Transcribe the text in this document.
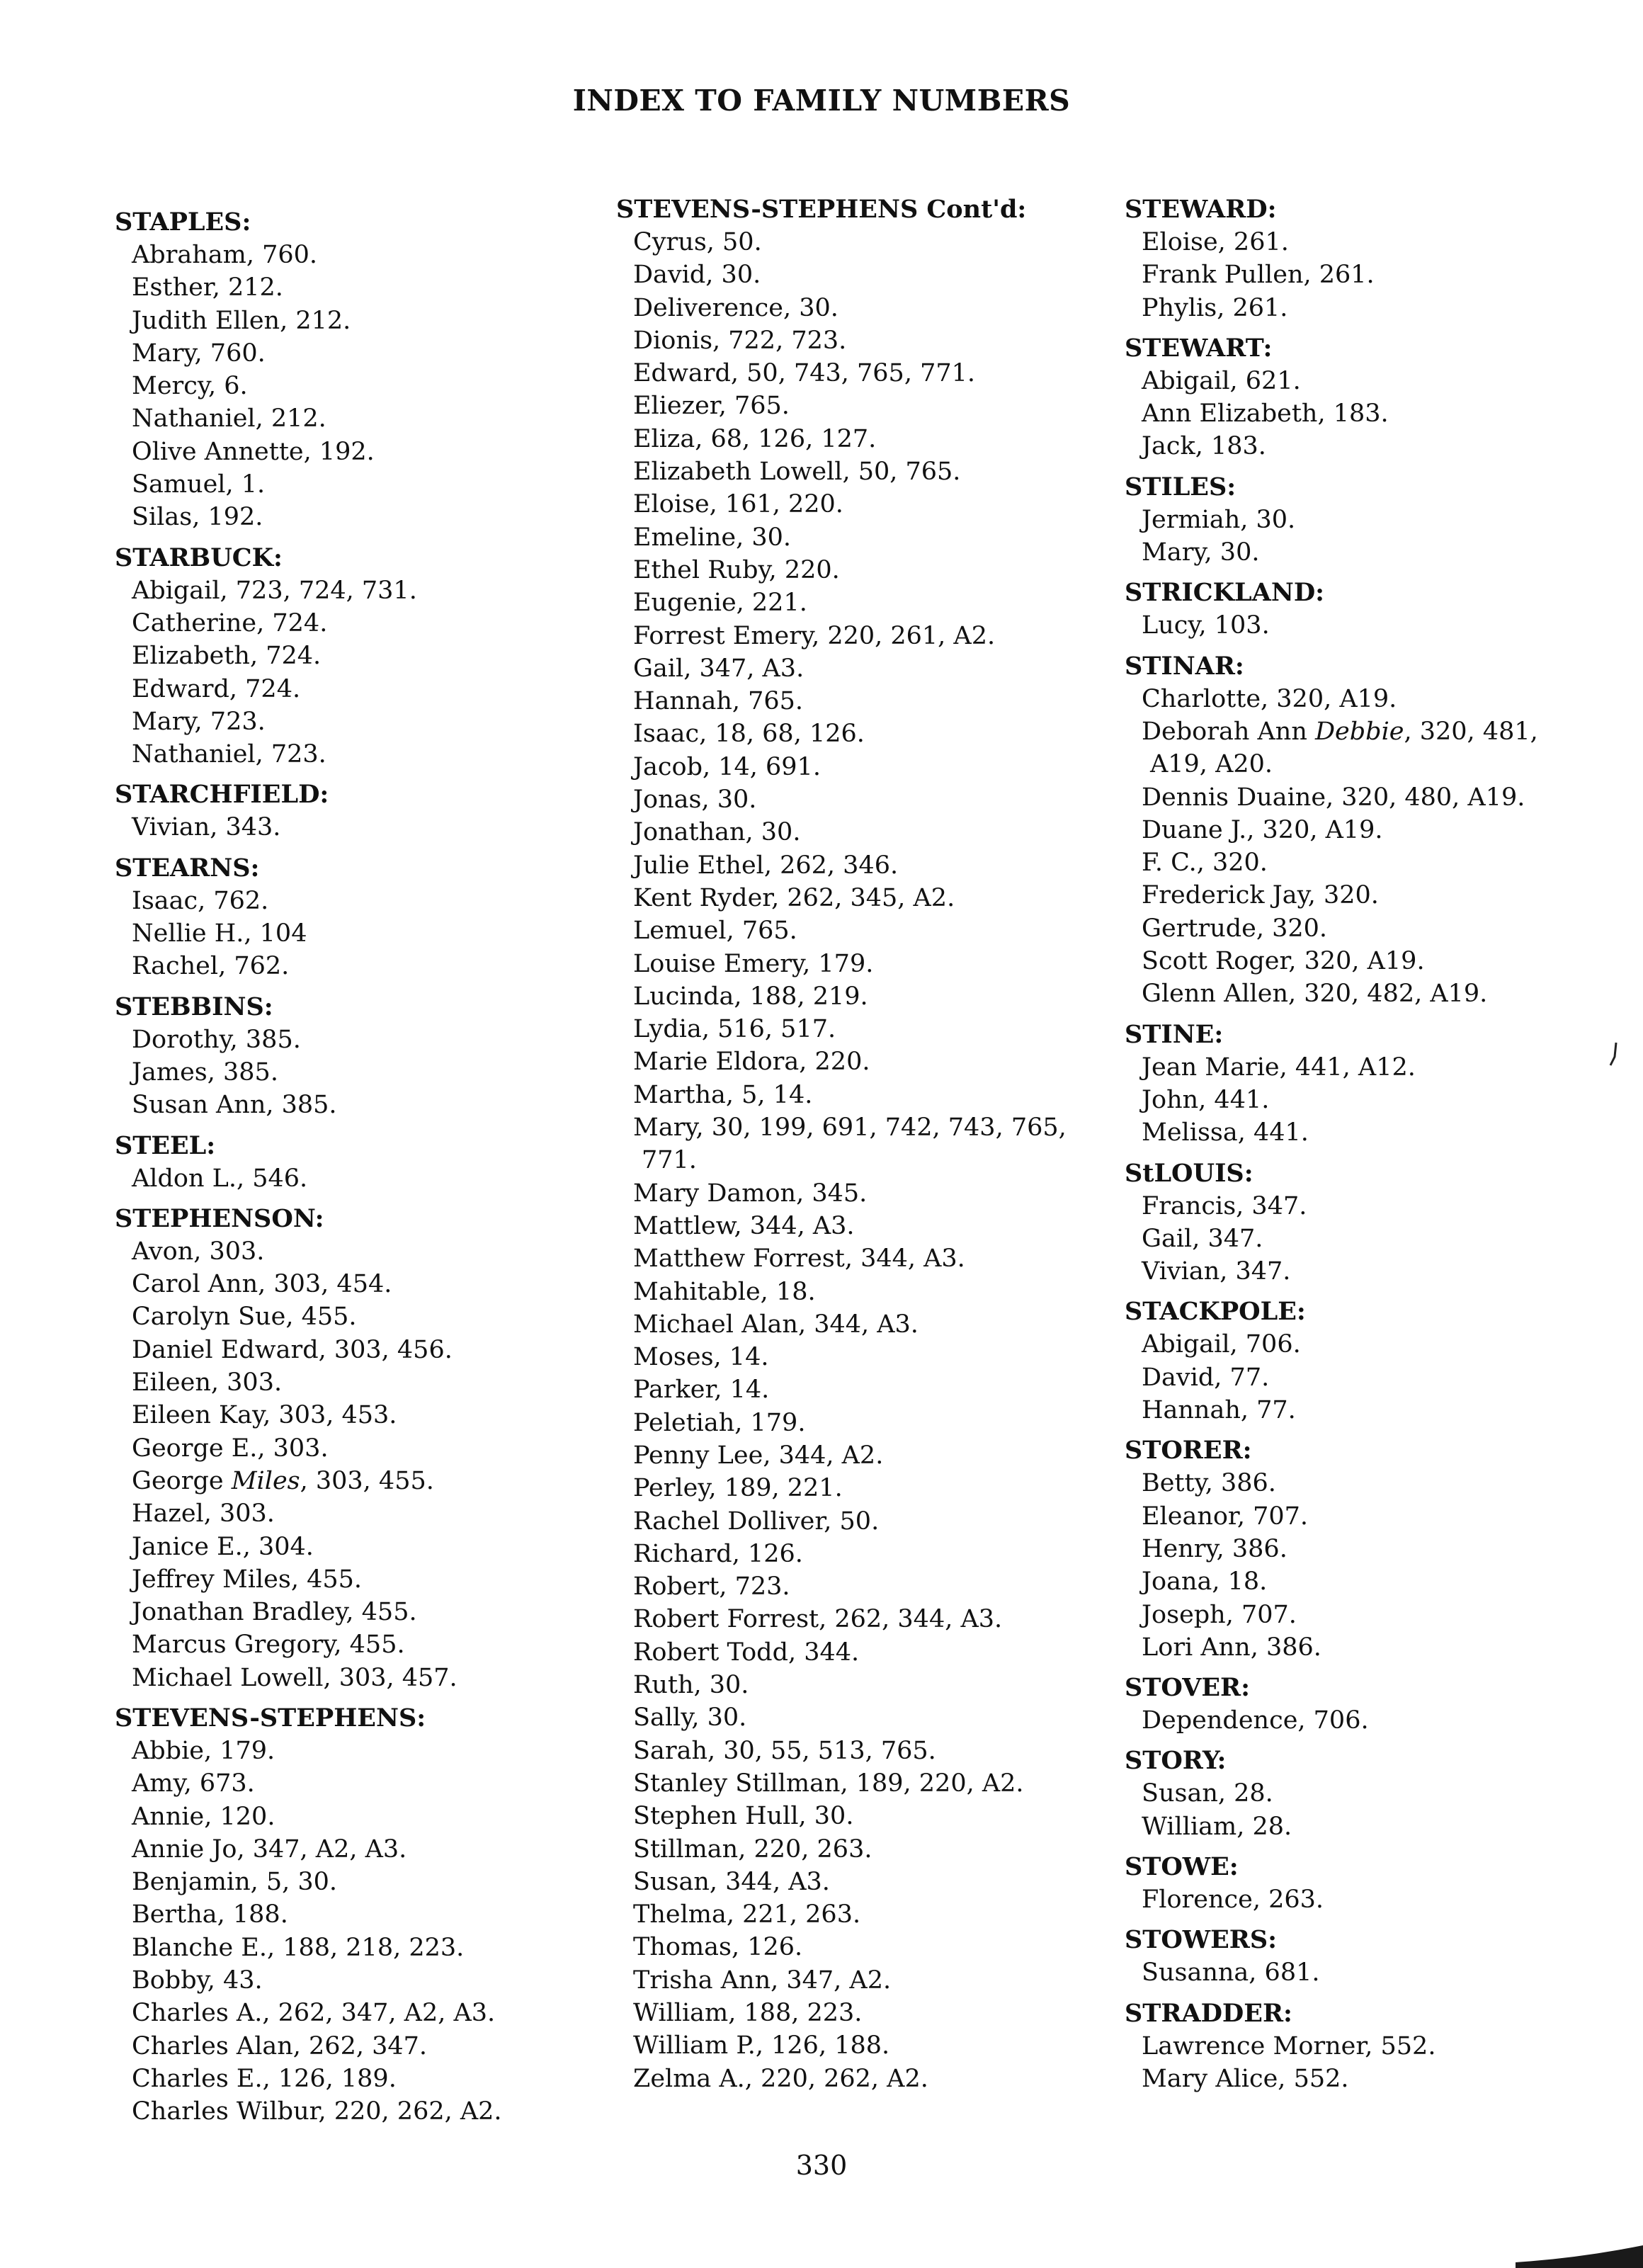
INDEX TO FAMILY NUMBERS
STAPLES:
Abraham, 760.
Esther, 212.
Judith Ellen, 212.
Mary, 760.
Mercy, 6.
Nathaniel, 212.
Olive Annette, 192.
Samuel, 1.
Silas, 192.
STARBUCK:
Abigail, 723, 724, 731.
Catherine, 724.
Elizabeth, 724.
Edward, 724.
Mary, 723.
Nathaniel, 723.
STARCHFIELD:
Vivian, 343.
STEARNS:
Isaac, 762.
Nellie H., 104
Rachel, 762.
STEBBINS:
Dorothy, 385.
James, 385.
Susan Ann, 385.
STEEL:
Aldon L., 546.
STEPHENSON:
Avon, 303.
Carol Ann, 303, 454.
Carolyn Sue, 455.
Daniel Edward, 303, 456.
Eileen, 303.
Eileen Kay, 303, 453.
George E., 303.
George Miles, 303, 455.
Hazel, 303.
Janice E., 304.
Jeffrey Miles, 455.
Jonathan Bradley, 455.
Marcus Gregory, 455.
Michael Lowell, 303, 457.
STEVENS-STEPHENS:
Abbie, 179.
Amy, 673.
Annie, 120.
Annie Jo, 347, A2, A3.
Benjamin, 5, 30.
Bertha, 188.
Blanche E., 188, 218, 223.
Bobby, 43.
Charles A., 262, 347, A2, A3.
Charles Alan, 262, 347.
Charles E., 126, 189.
Charles Wilbur, 220, 262, A2.
STEVENS-STEPHENS Cont'd:
Cyrus, 50.
David, 30.
Deliverence, 30.
Dionis, 722, 723.
Edward, 50, 743, 765, 771.
Eliezer, 765.
Eliza, 68, 126, 127.
Elizabeth Lowell, 50, 765.
Eloise, 161, 220.
Emeline, 30.
Ethel Ruby, 220.
Eugenie, 221.
Forrest Emery, 220, 261, A2.
Gail, 347, A3.
Hannah, 765.
Isaac, 18, 68, 126.
Jacob, 14, 691.
Jonas, 30.
Jonathan, 30.
Julie Ethel, 262, 346.
Kent Ryder, 262, 345, A2.
Lemuel, 765.
Louise Emery, 179.
Lucinda, 188, 219.
Lydia, 516, 517.
Marie Eldora, 220.
Martha, 5, 14.
Mary, 30, 199, 691, 742, 743, 765,
771.
Mary Damon, 345.
Mattlew, 344, A3.
Matthew Forrest, 344, A3.
Mahitable, 18.
Michael Alan, 344, A3.
Moses, 14.
Parker, 14.
Peletiah, 179.
Penny Lee, 344, A2.
Perley, 189, 221.
Rachel Dolliver, 50.
Richard, 126.
Robert, 723.
Robert Forrest, 262, 344, A3.
Robert Todd, 344.
Ruth, 30.
Sally, 30.
Sarah, 30, 55, 513, 765.
Stanley Stillman, 189, 220, A2.
Stephen Hull, 30.
Stillman, 220, 263.
Susan, 344, A3.
Thelma, 221, 263.
Thomas, 126.
Trisha Ann, 347, A2.
William, 188, 223.
William P., 126, 188.
Zelma A., 220, 262, A2.
STEWARD:
Eloise, 261.
Frank Pullen, 261.
Phylis, 261.
STEWART:
Abigail, 621.
Ann Elizabeth, 183.
Jack, 183.
STILES:
Jermiah, 30.
Mary, 30.
STRICKLAND:
Lucy, 103.
STINAR:
Charlotte, 320, A19.
Deborah Ann Debbie, 320, 481,
A19, A20.
Dennis Duaine, 320, 480, A19.
Duane J., 320, A19.
F. C., 320.
Frederick Jay, 320.
Gertrude, 320.
Scott Roger, 320, A19.
Glenn Allen, 320, 482, A19.
STINE:
Jean Marie, 441, A12.
John, 441.
Melissa, 441.
StLOUIS:
Francis, 347.
Gail, 347.
Vivian, 347.
STACKPOLE:
Abigail, 706.
David, 77.
Hannah, 77.
STORER:
Betty, 386.
Eleanor, 707.
Henry, 386.
Joana, 18.
Joseph, 707.
Lori Ann, 386.
STOVER:
Dependence, 706.
STORY:
Susan, 28.
William, 28.
STOWE:
Florence, 263.
STOWERS:
Susanna, 681.
STRADDER:
Lawrence Morner, 552.
Mary Alice, 552.
330
